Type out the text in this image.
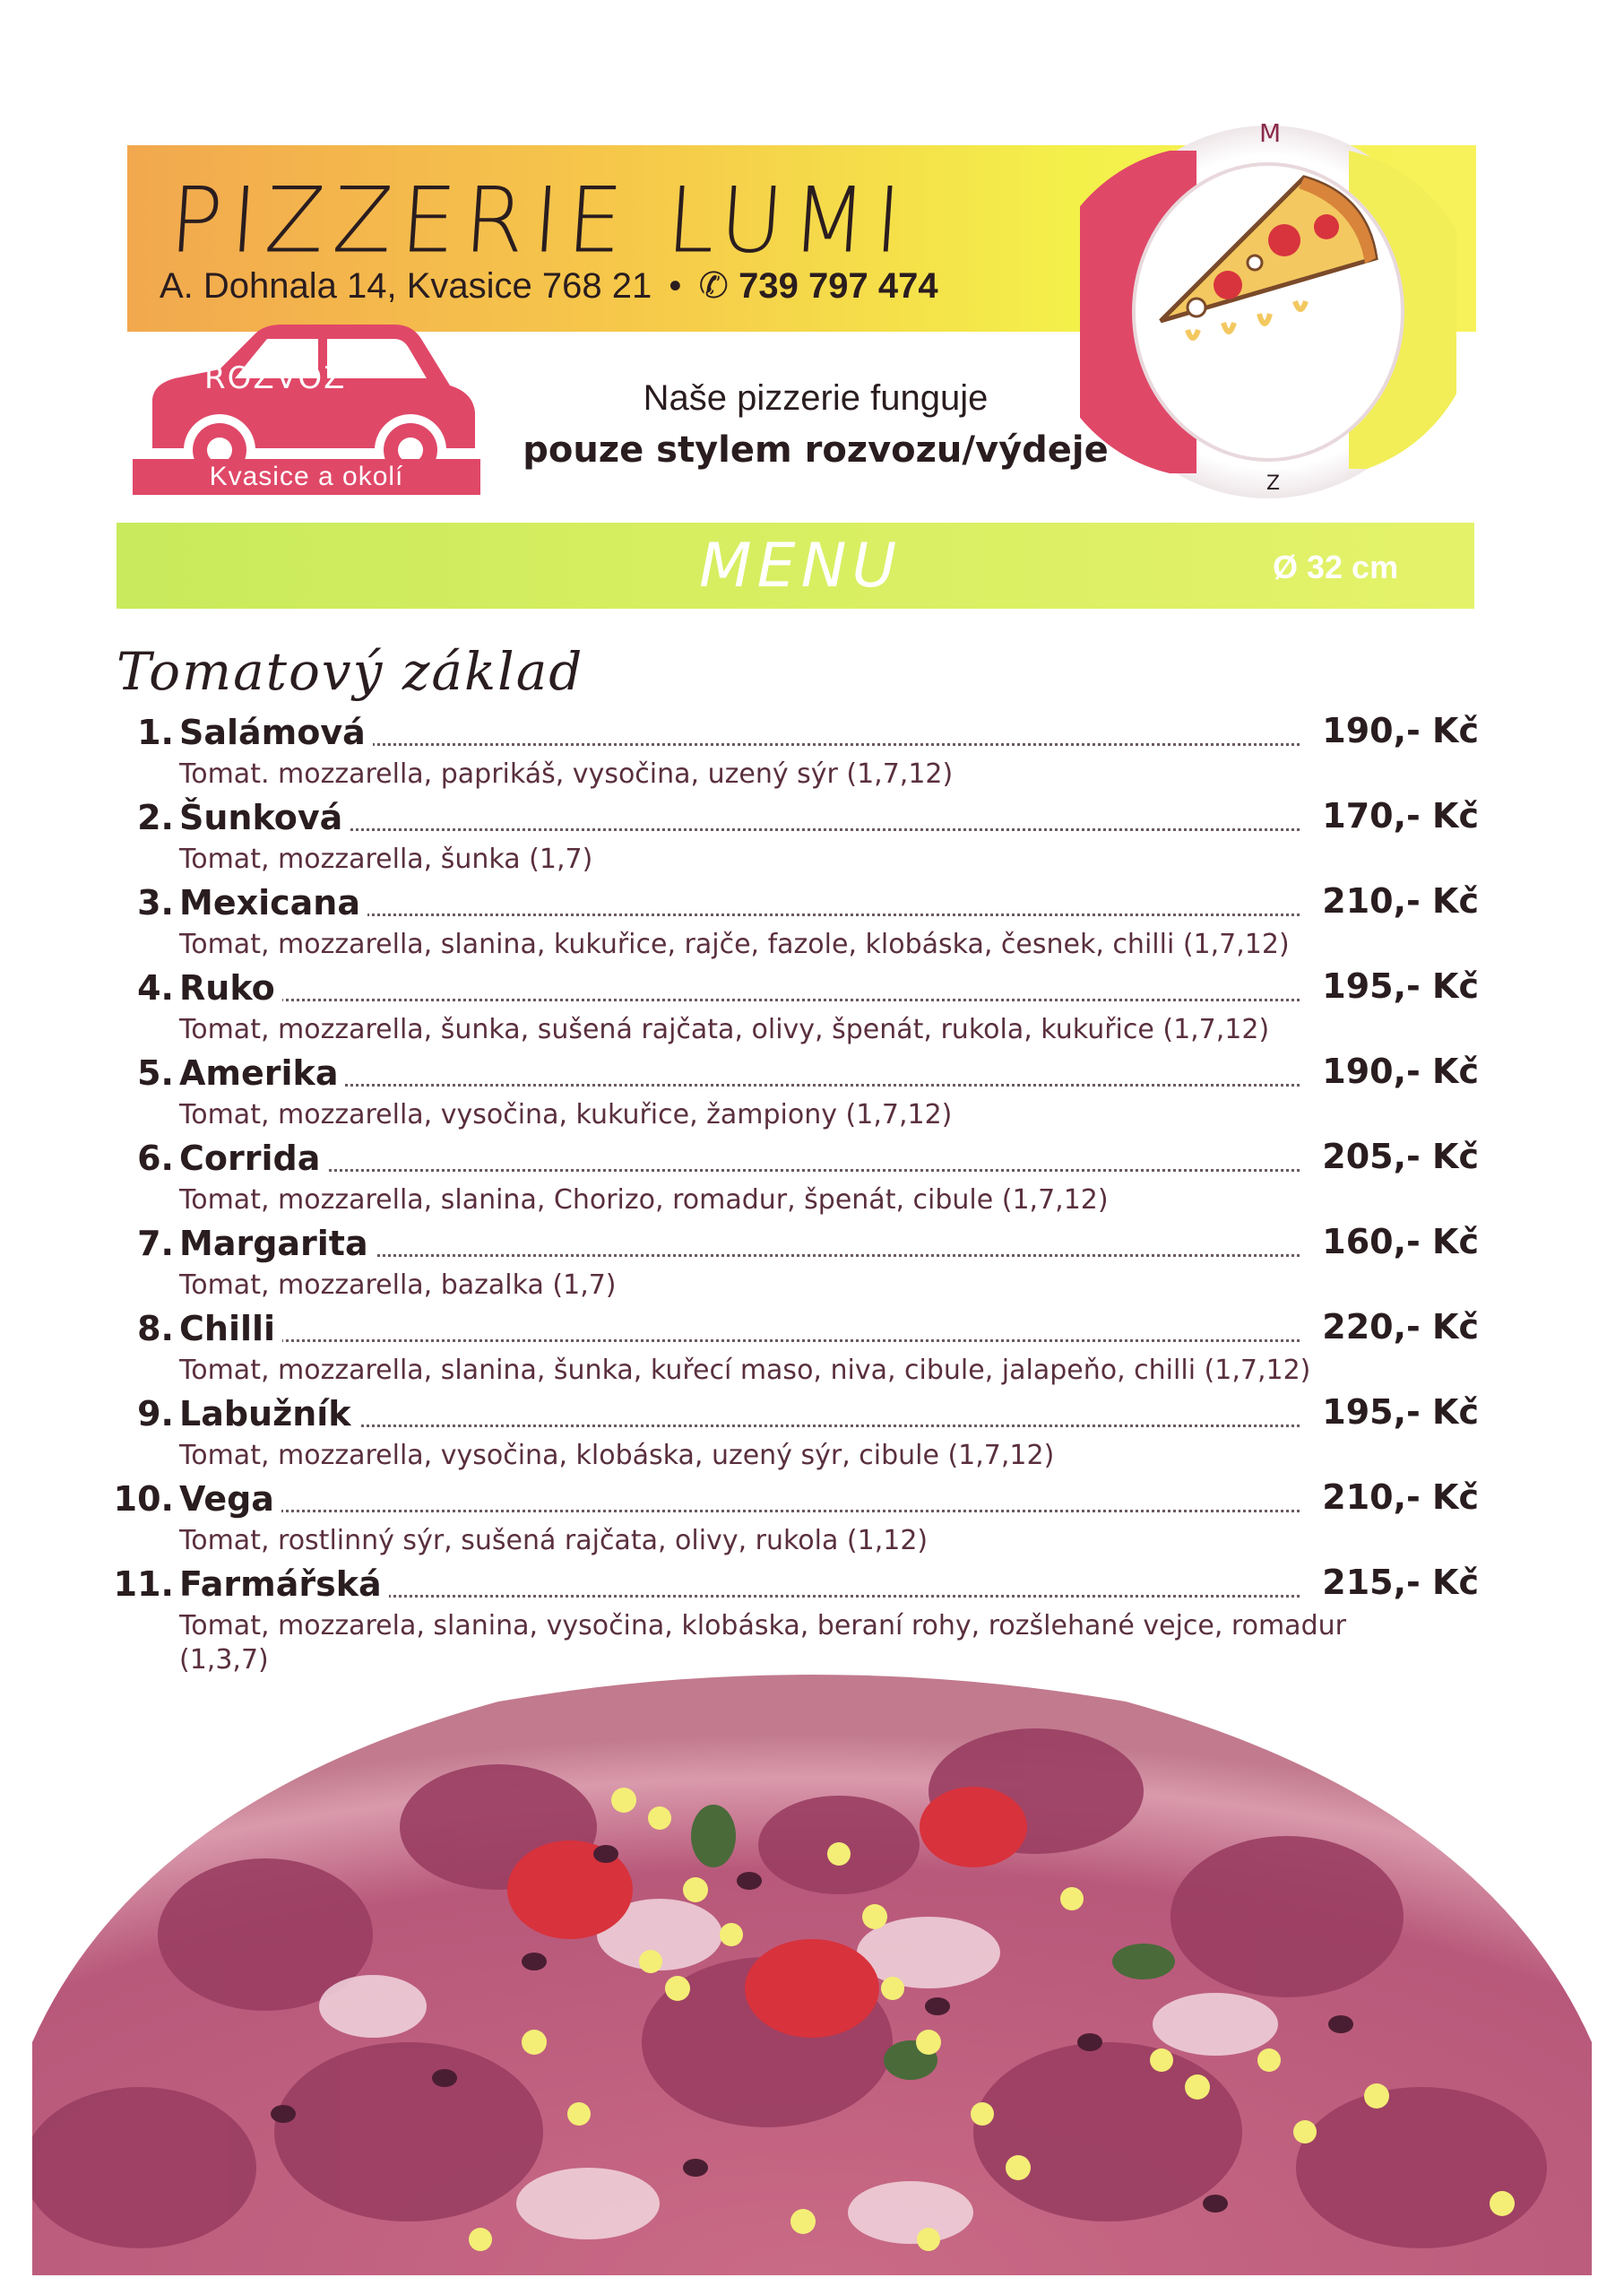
PIZZERIE LUMI
A. Dohnala 14, Kvasice 768 21 • ✆ 739 797 474
ROZVOZ
Kvasice a okolí
Naše pizzerie funguje
pouze stylem rozvozu/výdeje
M
Z
MENU	Ø 32 cm
Tomatový základ
1. Salámová	190,- Kč
Tomat. mozzarella, paprikáš, vysočina, uzený sýr (1,7,12)
2. Šunková	170,- Kč
Tomat, mozzarella, šunka (1,7)
3. Mexicana	210,- Kč
Tomat, mozzarella, slanina, kukuřice, rajče, fazole, klobáska, česnek, chilli (1,7,12)
4. Ruko	195,- Kč
Tomat, mozzarella, šunka, sušená rajčata, olivy, špenát, rukola, kukuřice (1,7,12)
5. Amerika	190,- Kč
Tomat, mozzarella, vysočina, kukuřice, žampiony (1,7,12)
6. Corrida	205,- Kč
Tomat, mozzarella, slanina, Chorizo, romadur, špenát, cibule (1,7,12)
7. Margarita	160,- Kč
Tomat, mozzarella, bazalka (1,7)
8. Chilli	220,- Kč
Tomat, mozzarella, slanina, šunka, kuřecí maso, niva, cibule, jalapeňo, chilli (1,7,12)
9. Labužník	195,- Kč
Tomat, mozzarella, vysočina, klobáska, uzený sýr, cibule (1,7,12)
10. Vega	210,- Kč
Tomat, rostlinný sýr, sušená rajčata, olivy, rukola (1,12)
11. Farmářská	215,- Kč
Tomat, mozzarela, slanina, vysočina, klobáska, beraní rohy, rozšlehané vejce, romadur (1,3,7)
